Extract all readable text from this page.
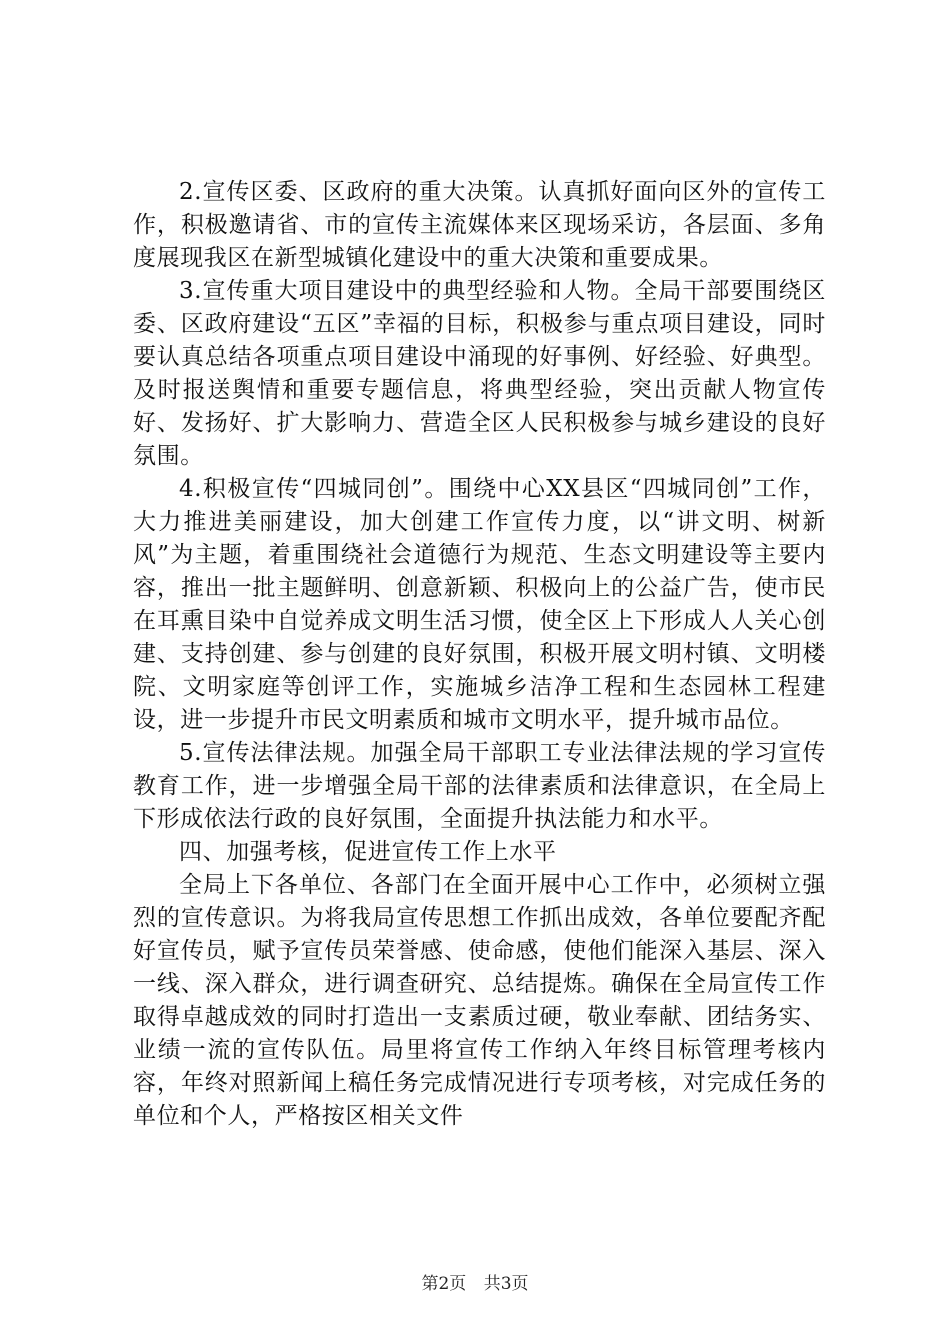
2.宣传区委、区政府的重大决策。认真抓好面向区外的宣传工作，积极邀请省、市的宣传主流媒体来区现场采访，各层面、多角度展现我区在新型城镇化建设中的重大决策和重要成果。

3.宣传重大项目建设中的典型经验和人物。全局干部要围绕区委、区政府建设“五区”幸福的目标，积极参与重点项目建设，同时要认真总结各项重点项目建设中涌现的好事例、好经验、好典型。及时报送舆情和重要专题信息，将典型经验，突出贡献人物宣传好、发扬好、扩大影响力、营造全区人民积极参与城乡建设的良好氛围。

4.积极宣传“四城同创”。围绕中心XX县区“四城同创”工作，大力推进美丽建设，加大创建工作宣传力度，以“讲文明、树新风”为主题，着重围绕社会道德行为规范、生态文明建设等主要内容，推出一批主题鲜明、创意新颖、积极向上的公益广告，使市民在耳熏目染中自觉养成文明生活习惯，使全区上下形成人人关心创建、支持创建、参与创建的良好氛围，积极开展文明村镇、文明楼院、文明家庭等创评工作，实施城乡洁净工程和生态园林工程建设，进一步提升市民文明素质和城市文明水平，提升城市品位。

5.宣传法律法规。加强全局干部职工专业法律法规的学习宣传教育工作，进一步增强全局干部的法律素质和法律意识，在全局上下形成依法行政的良好氛围，全面提升执法能力和水平。

四、加强考核，促进宣传工作上水平

全局上下各单位、各部门在全面开展中心工作中，必须树立强烈的宣传意识。为将我局宣传思想工作抓出成效，各单位要配齐配好宣传员，赋予宣传员荣誉感、使命感，使他们能深入基层、深入一线、深入群众，进行调查研究、总结提炼。确保在全局宣传工作取得卓越成效的同时打造出一支素质过硬，敬业奉献、团结务实、业绩一流的宣传队伍。局里将宣传工作纳入年终目标管理考核内容，年终对照新闻上稿任务完成情况进行专项考核，对完成任务的单位和个人，严格按区相关文件

第2页 共3页
